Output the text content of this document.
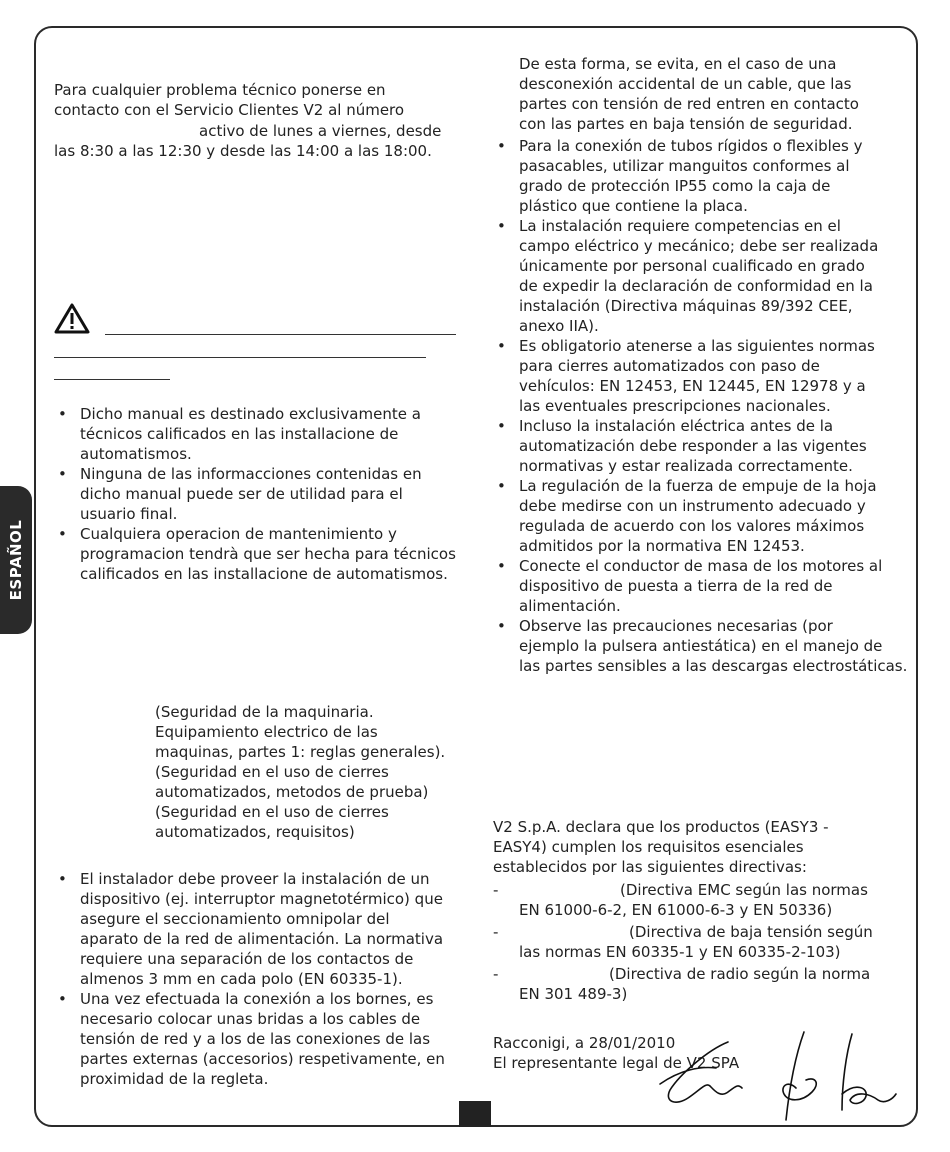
ESPAÑOL

Para cualquier problema técnico ponerse en

contacto con el Servicio Clientes V2 al número

activo de lunes a viernes, desde

las 8:30 a las 12:30 y desde las 14:00 a las 18:00.

• Dicho manual es destinado exclusivamente a
técnicos calificados en las installacione de
automatismos.
• Ninguna de las informacciones contenidas en
dicho manual puede ser de utilidad para el
usuario final.
• Cualquiera operacion de mantenimiento y
programacion tendrà que ser hecha para técnicos
calificados en las installacione de automatismos.
(Seguridad de la maquinaria.
Equipamiento electrico de las
maquinas, partes 1: reglas generales).
(Seguridad en el uso de cierres
automatizados, metodos de prueba)
(Seguridad en el uso de cierres
automatizados, requisitos)
• El instalador debe proveer la instalación de un
dispositivo (ej. interruptor magnetotérmico) que
asegure el seccionamiento omnipolar del
aparato de la red de alimentación. La normativa
requiere una separación de los contactos de
almenos 3 mm en cada polo (EN 60335-1).
• Una vez efectuada la conexión a los bornes, es
necesario colocar unas bridas a los cables de
tensión de red y a los de las conexiones de las
partes externas (accesorios) respetivamente, en
proximidad de la regleta.
De esta forma, se evita, en el caso de una
desconexión accidental de un cable, que las
partes con tensión de red entren en contacto
con las partes en baja tensión de seguridad.
• Para la conexión de tubos rígidos o flexibles y
pasacables, utilizar manguitos conformes al
grado de protección IP55 como la caja de
plástico que contiene la placa.
• La instalación requiere competencias en el
campo eléctrico y mecánico; debe ser realizada
únicamente por personal cualificado en grado
de expedir la declaración de conformidad en la
instalación (Directiva máquinas 89/392 CEE,
anexo IIA).
• Es obligatorio atenerse a las siguientes normas
para cierres automatizados con paso de
vehículos: EN 12453, EN 12445, EN 12978 y a
las eventuales prescripciones nacionales.
• Incluso la instalación eléctrica antes de la
automatización debe responder a las vigentes
normativas y estar realizada correctamente.
• La regulación de la fuerza de empuje de la hoja
debe medirse con un instrumento adecuado y
regulada de acuerdo con los valores máximos
admitidos por la normativa EN 12453.
• Conecte el conductor de masa de los motores al
dispositivo de puesta a tierra de la red de
alimentación.
• Observe las precauciones necesarias (por
ejemplo la pulsera antiestática) en el manejo de
las partes sensibles a las descargas electrostáticas.
V2 S.p.A. declara que los productos (EASY3 -
EASY4) cumplen los requisitos esenciales
establecidos por las siguientes directivas:
-	(Directiva EMC según las normas
EN 61000-6-2, EN 61000-6-3 y EN 50336)
-	(Directiva de baja tensión según
las normas EN 60335-1 y EN 60335-2-103)
-	(Directiva de radio según la norma
EN 301 489-3)

Racconigi, a 28/01/2010

El representante legal de V2 SPA
